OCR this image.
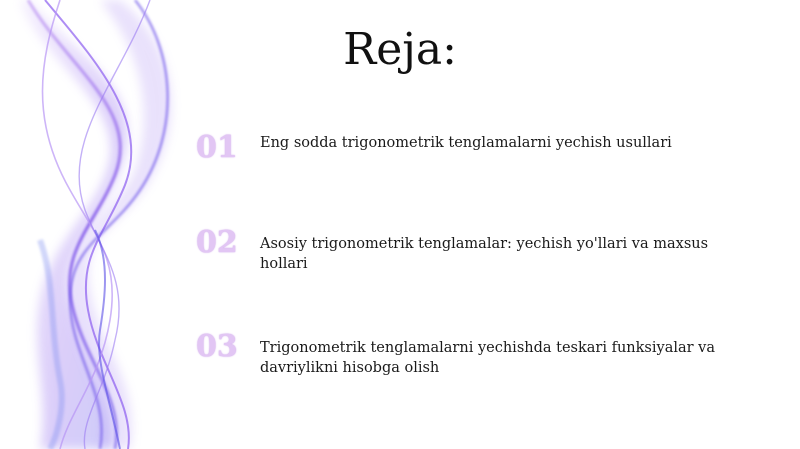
Reja:
01	Eng sodda trigonometrik tenglamalarni yechish usullari
02	Asosiy trigonometrik tenglamalar: yechish yo'llari va maxsus hollari
03	Trigonometrik tenglamalarni yechishda teskari funksiyalar va davriylikni hisobga olish
